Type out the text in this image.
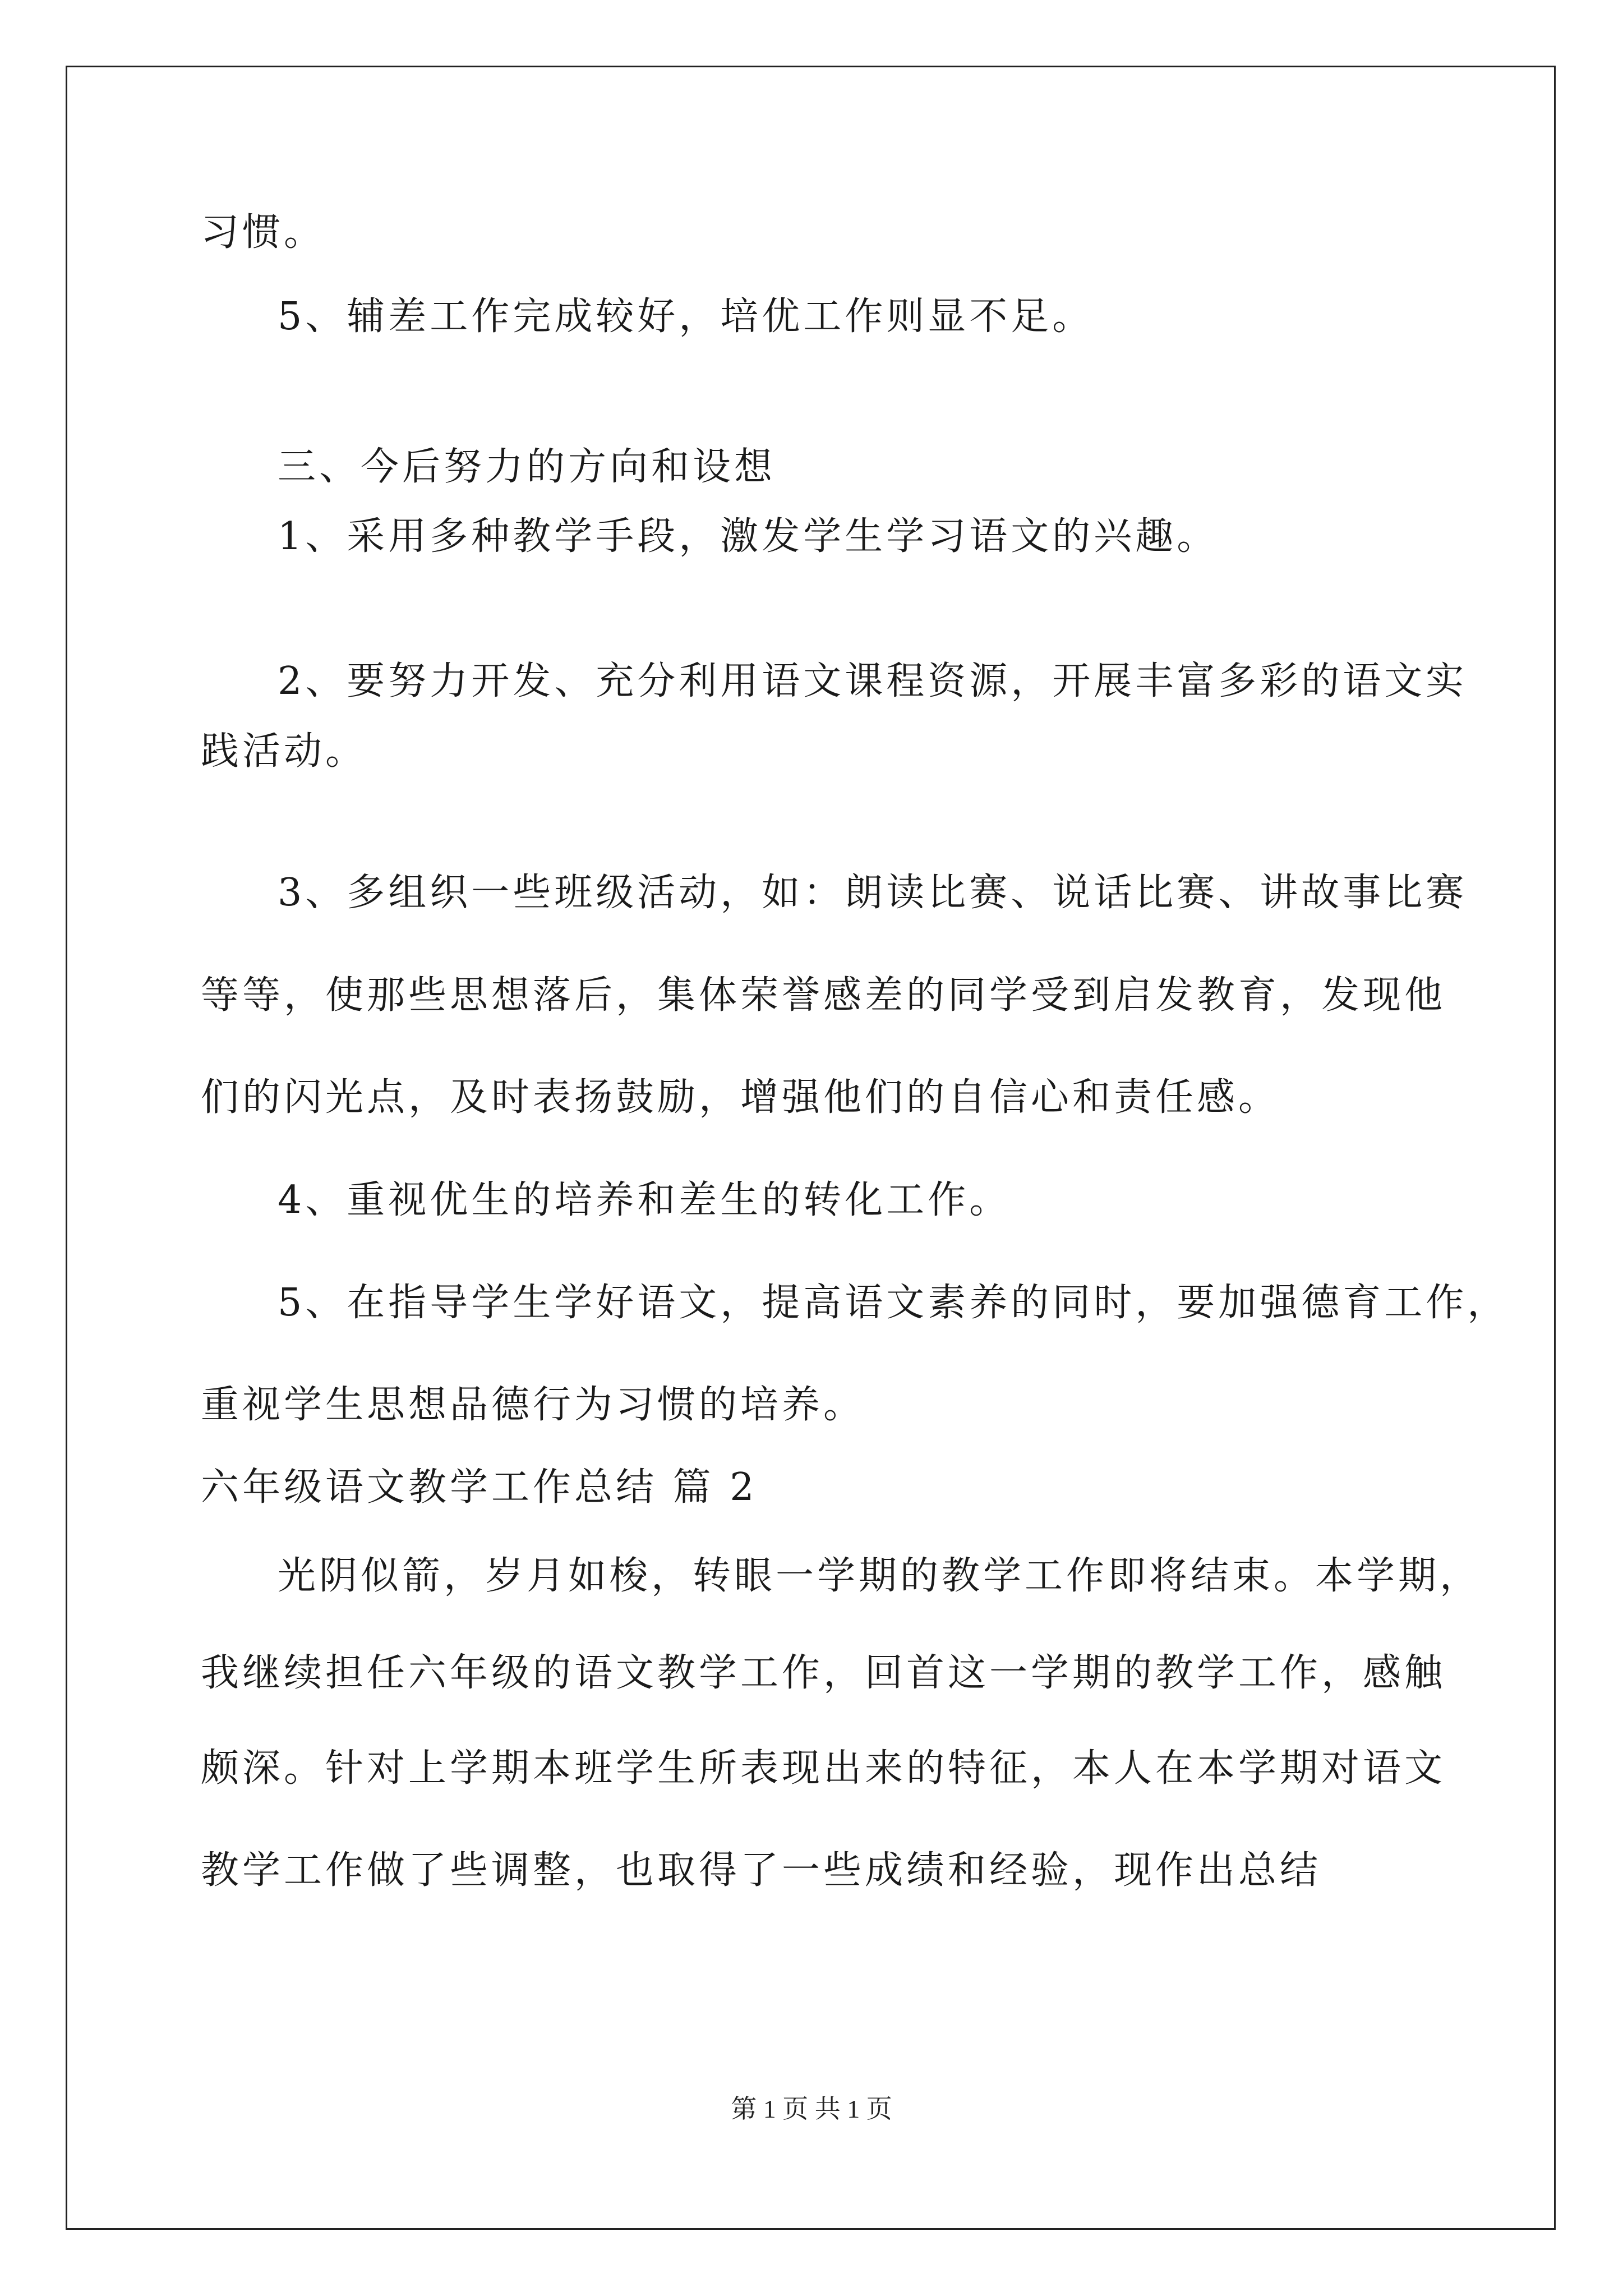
习惯。
5、辅差工作完成较好，培优工作则显不足。
三、今后努力的方向和设想
1、采用多种教学手段，激发学生学习语文的兴趣。
2、要努力开发、充分利用语文课程资源，开展丰富多彩的语文实
践活动。
3、多组织一些班级活动，如：朗读比赛、说话比赛、讲故事比赛
等等，使那些思想落后，集体荣誉感差的同学受到启发教育，发现他
们的闪光点，及时表扬鼓励，增强他们的自信心和责任感。
4、重视优生的培养和差生的转化工作。
5、在指导学生学好语文，提高语文素养的同时，要加强德育工作，
重视学生思想品德行为习惯的培养。
六年级语文教学工作总结 篇 2
光阴似箭，岁月如梭，转眼一学期的教学工作即将结束。本学期，
我继续担任六年级的语文教学工作，回首这一学期的教学工作，感触
颇深。针对上学期本班学生所表现出来的特征，本人在本学期对语文
教学工作做了些调整，也取得了一些成绩和经验，现作出总结
第 1 页 共 1 页
